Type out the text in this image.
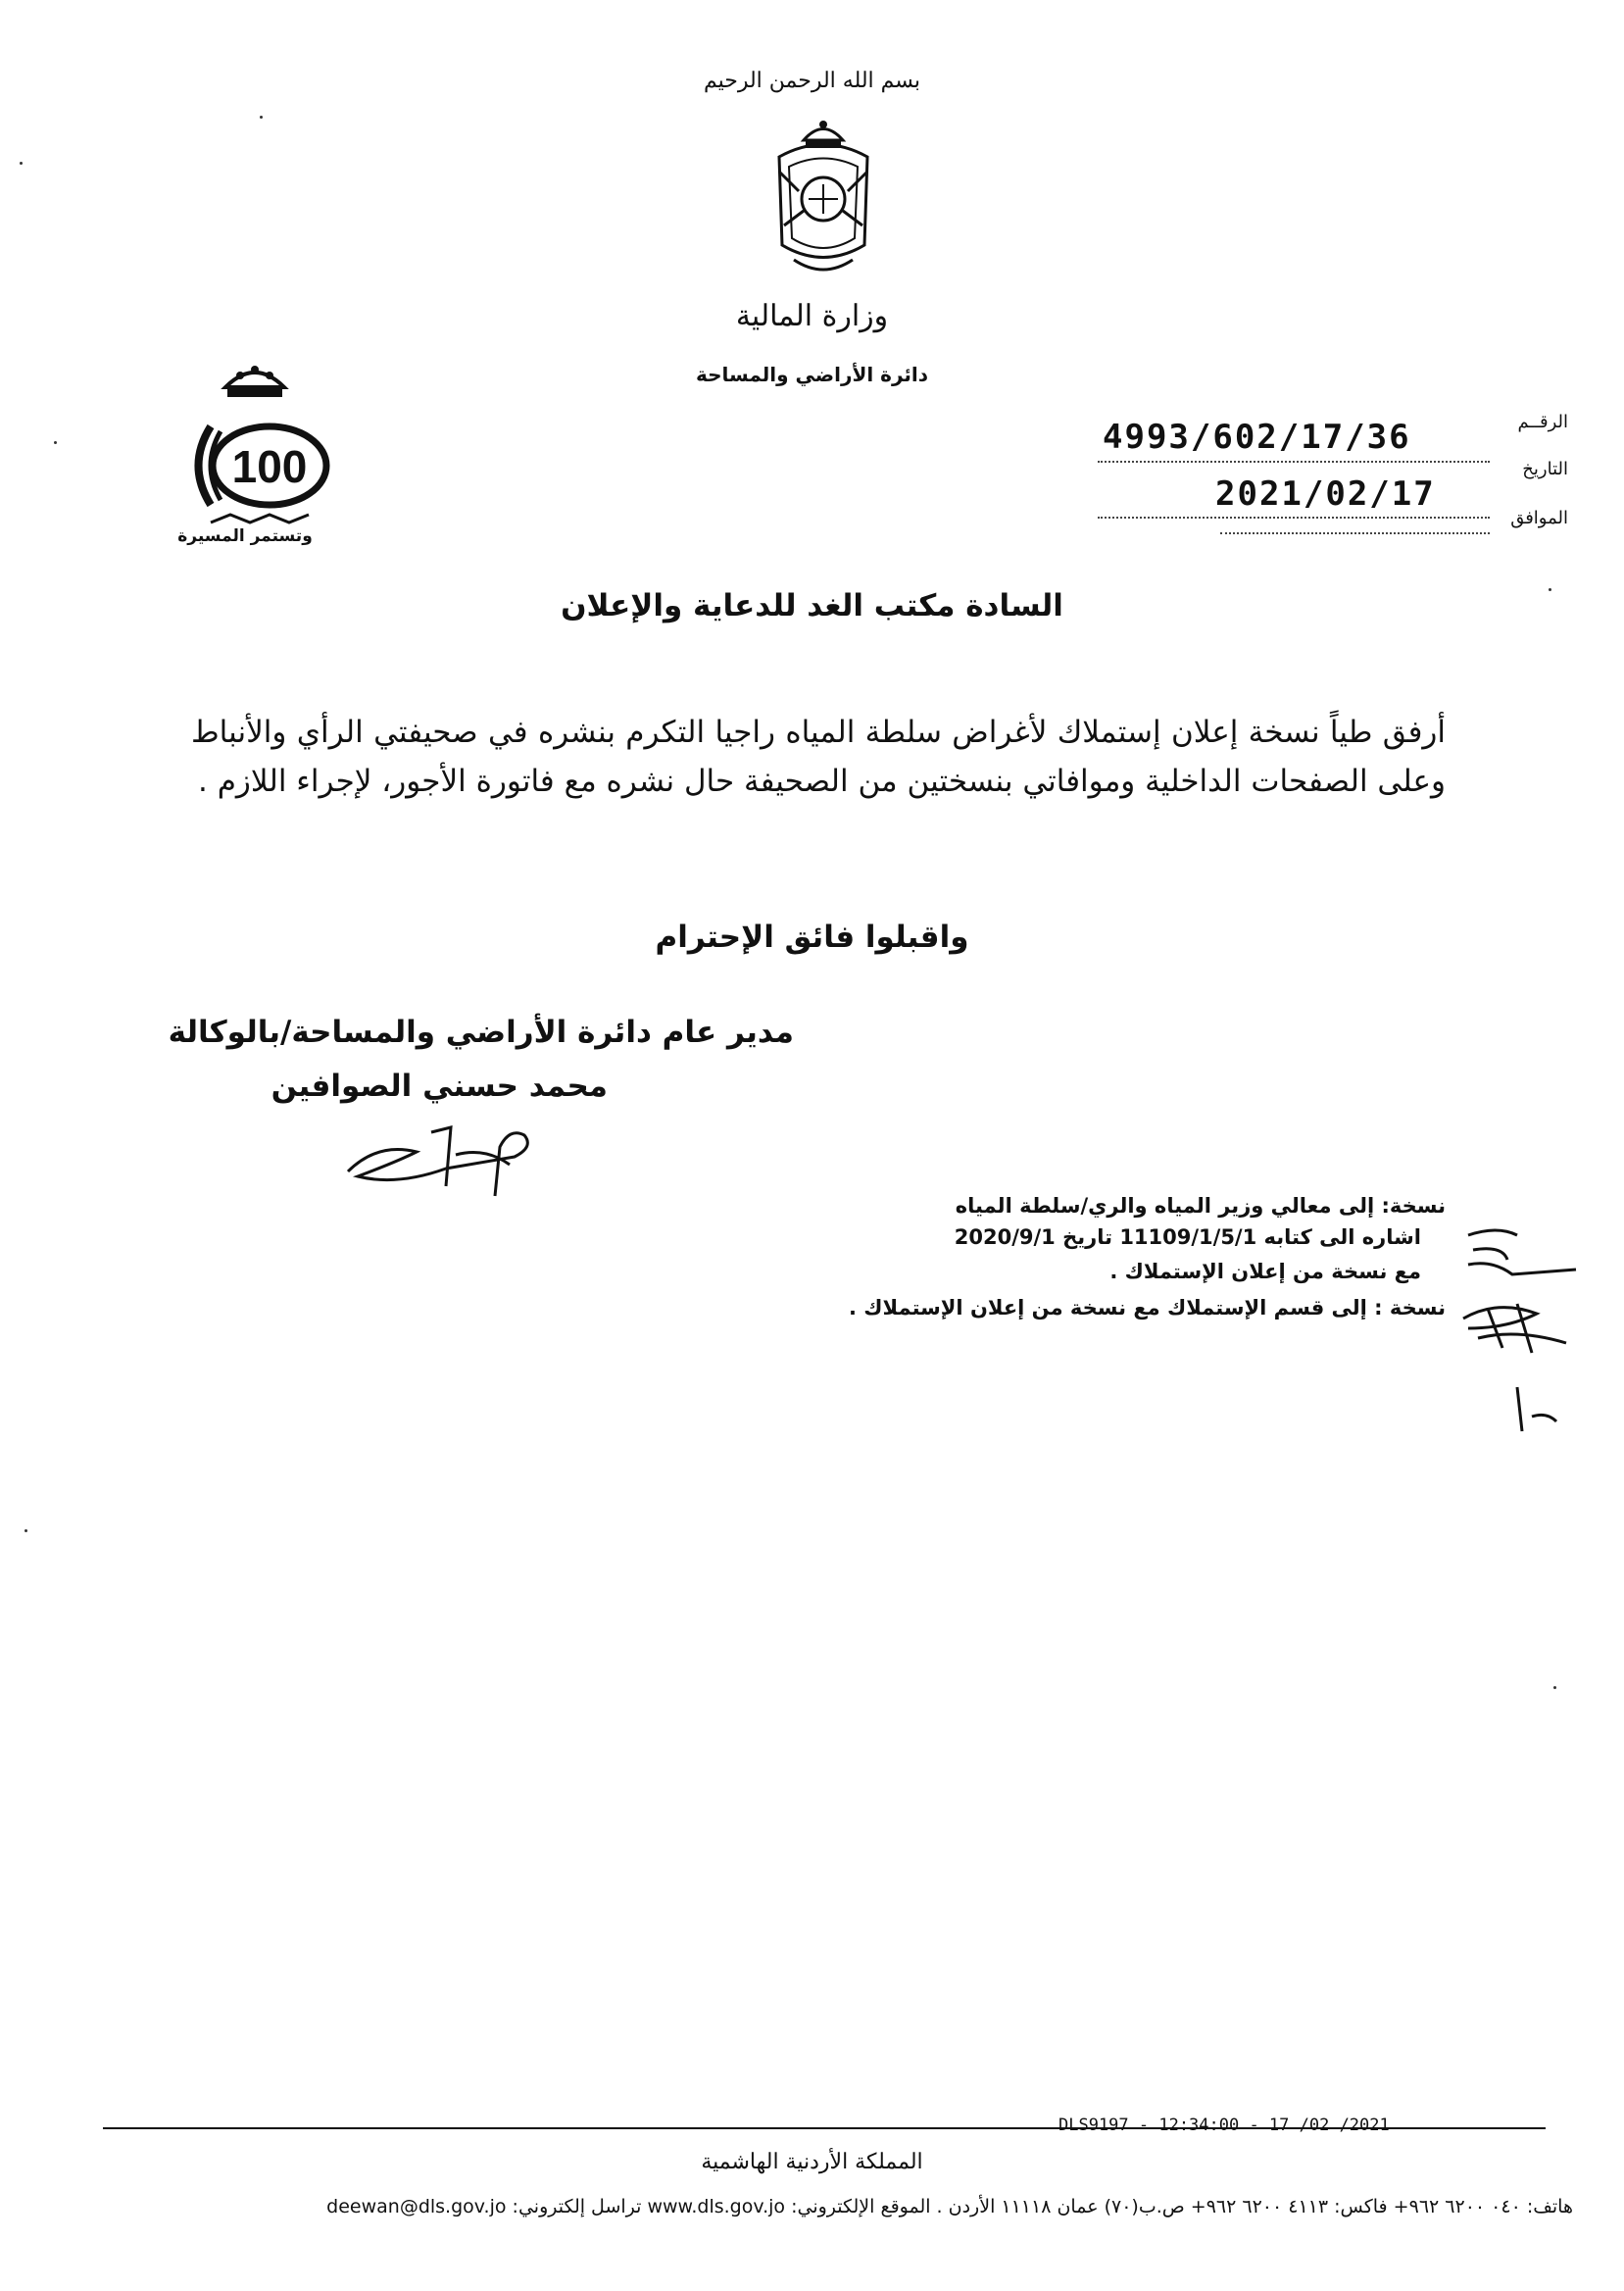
بسم الله الرحمن الرحيم
وزارة المالية
دائرة الأراضي والمساحة
100
وتستمر المسيرة
الرقــم
التاريخ
الموافق
4993/602/17/36
2021/02/17
السادة مكتب الغد للدعاية والإعلان
أرفق طياً نسخة إعلان إستملاك لأغراض سلطة المياه راجيا التكرم بنشره في صحيفتي الرأي والأنباط وعلى الصفحات الداخلية وموافاتي بنسختين من الصحيفة حال نشره مع فاتورة الأجور، لإجراء اللازم .
واقبلوا فائق الإحترام
مدير عام دائرة الأراضي والمساحة/بالوكالة
محمد حسني الصوافين
نسخة: إلى معالي وزير المياه والري/سلطة المياه
اشاره الى كتابه 11109/1/5/1 تاريخ 2020/9/1
مع نسخة من إعلان الإستملاك .
نسخة : إلى قسم الإستملاك مع نسخة من إعلان الإستملاك .
DLS9197 - 12:34:00 - 17 /02 /2021
المملكة الأردنية الهاشمية
هاتف: ٠٤٠ ٦٢٠٠ ٩٦٢+ فاكس: ٤١١٣ ٦٢٠٠ ٩٦٢+ ص.ب(٧٠) عمان ١١١١٨ الأردن . الموقع الإلكتروني: www.dls.gov.jo تراسل إلكتروني: deewan@dls.gov.jo
